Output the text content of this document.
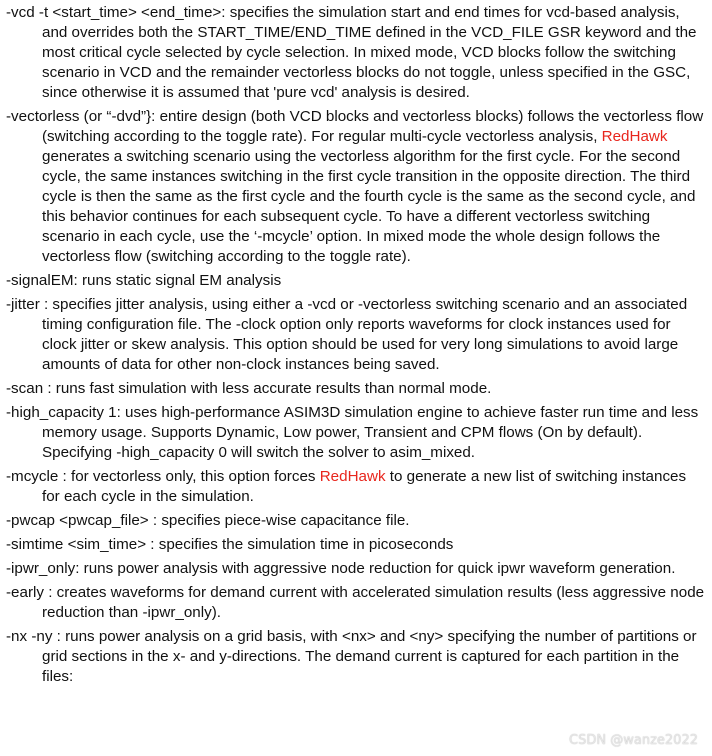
-vcd -t <start_time> <end_time>: specifies the simulation start and end times for vcd-based analysis, and overrides both the START_TIME/END_TIME defined in the VCD_FILE GSR keyword and the most critical cycle selected by cycle selection. In mixed mode, VCD blocks follow the switching scenario in VCD and the remainder vectorless blocks do not toggle, unless specified in the GSC, since otherwise it is assumed that 'pure vcd' analysis is desired.

-vectorless (or “-dvd”}: entire design (both VCD blocks and vectorless blocks) follows the vectorless flow (switching according to the toggle rate). For regular multi-cycle vectorless analysis, RedHawk generates a switching scenario using the vectorless algorithm for the first cycle. For the second cycle, the same instances switching in the first cycle transition in the opposite direction. The third cycle is then the same as the first cycle and the fourth cycle is the same as the second cycle, and this behavior continues for each subsequent cycle. To have a different vectorless switching scenario in each cycle, use the ‘-mcycle’ option. In mixed mode the whole design follows the vectorless flow (switching according to the toggle rate).

-signalEM: runs static signal EM analysis

-jitter : specifies jitter analysis, using either a -vcd or -vectorless switching scenario and an associated timing configuration file. The -clock option only reports waveforms for clock instances used for clock jitter or skew analysis. This option should be used for very long simulations to avoid large amounts of data for other non-clock instances being saved.

-scan : runs fast simulation with less accurate results than normal mode.

-high_capacity 1: uses high-performance ASIM3D simulation engine to achieve faster run time and less memory usage. Supports Dynamic, Low power, Transient and CPM flows (On by default). Specifying -high_capacity 0 will switch the solver to asim_mixed.

-mcycle : for vectorless only, this option forces RedHawk to generate a new list of switching instances for each cycle in the simulation.

-pwcap <pwcap_file> : specifies piece-wise capacitance file.

-simtime <sim_time> : specifies the simulation time in picoseconds

-ipwr_only: runs power analysis with aggressive node reduction for quick ipwr waveform generation.

-early : creates waveforms for demand current with accelerated simulation results (less aggressive node reduction than -ipwr_only).

-nx -ny : runs power analysis on a grid basis, with <nx> and <ny> specifying the number of partitions or grid sections in the x- and y-directions. The demand current is captured for each partition in the files:

CSDN @wanze2022
